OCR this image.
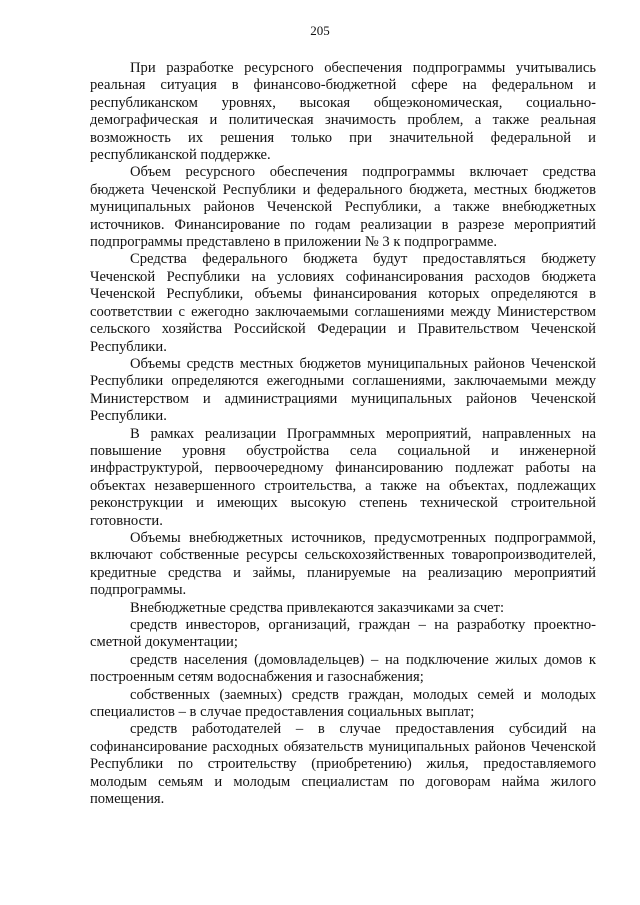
205

При разработке ресурсного обеспечения подпрограммы учитывались реальная ситуация в финансово-бюджетной сфере на федеральном и республиканском уровнях, высокая общеэкономическая, социально-демографическая и политическая значимость проблем, а также реальная возможность их решения только при значительной федеральной и республиканской поддержке.

Объем ресурсного обеспечения подпрограммы включает средства бюджета Чеченской Республики и федерального бюджета, местных бюджетов муниципальных районов Чеченской Республики, а также внебюджетных источников. Финансирование по годам реализации в разрезе мероприятий подпрограммы представлено в приложении № 3 к подпрограмме.

Средства федерального бюджета будут предоставляться бюджету Чеченской Республики на условиях софинансирования расходов бюджета Чеченской Республики, объемы финансирования которых определяются в соответствии с ежегодно заключаемыми соглашениями между Министерством сельского хозяйства Российской Федерации и Правительством Чеченской Республики.

Объемы средств местных бюджетов муниципальных районов Чеченской Республики определяются ежегодными соглашениями, заключаемыми между Министерством и администрациями муниципальных районов Чеченской Республики.

В рамках реализации Программных мероприятий, направленных на повышение уровня обустройства села социальной и инженерной инфраструктурой, первоочередному финансированию подлежат работы на объектах незавершенного строительства, а также на объектах, подлежащих реконструкции и имеющих высокую степень технической строительной готовности.

Объемы внебюджетных источников, предусмотренных подпрограммой, включают собственные ресурсы сельскохозяйственных товаропроизводителей, кредитные средства и займы, планируемые на реализацию мероприятий подпрограммы.

Внебюджетные средства привлекаются заказчиками за счет:

средств инвесторов, организаций, граждан – на разработку проектно-сметной документации;

средств населения (домовладельцев) – на подключение жилых домов к построенным сетям водоснабжения и газоснабжения;

собственных (заемных) средств граждан, молодых семей и молодых специалистов – в случае предоставления социальных выплат;

средств работодателей – в случае предоставления субсидий на софинансирование расходных обязательств муниципальных районов Чеченской Республики по строительству (приобретению) жилья, предоставляемого молодым семьям и молодым специалистам по договорам найма жилого помещения.
